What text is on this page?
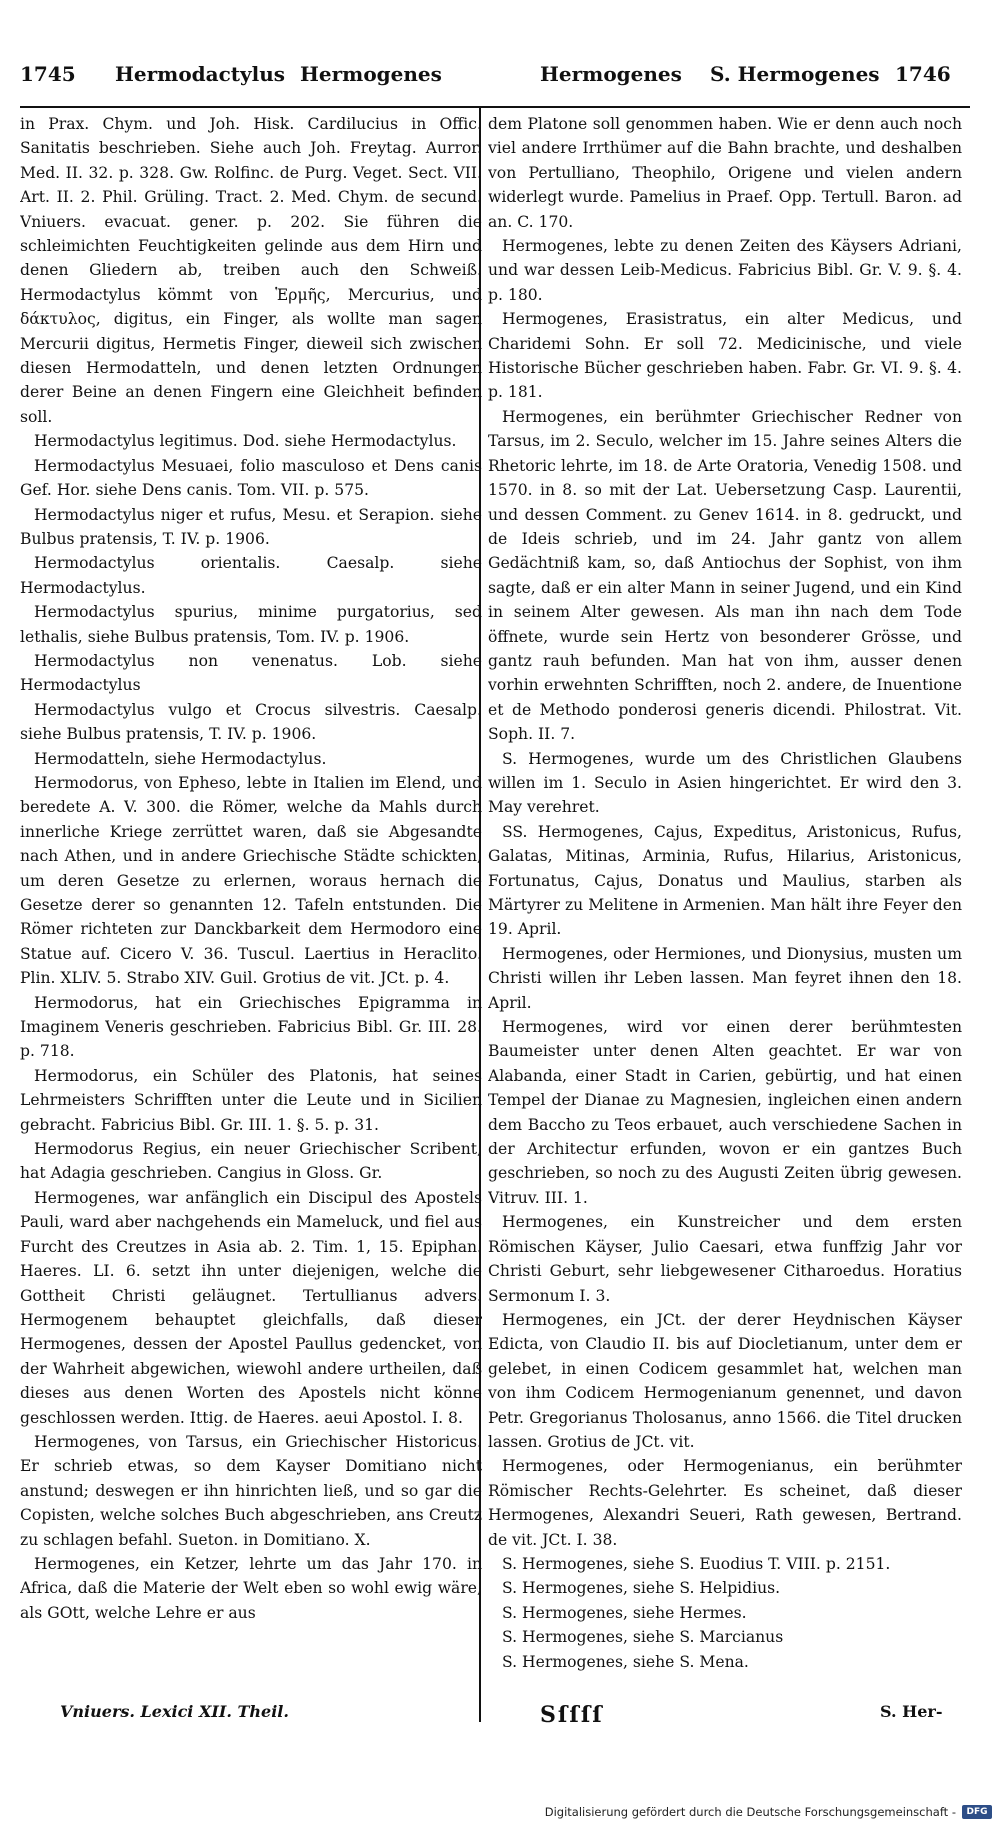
1745 Hermodactylus Hermogenes	Hermogenes S. Hermogenes 1746

in Prax. Chym. und Joh. Hisk. Cardilucius in Offic. Sanitatis beschrieben. Siehe auch Joh. Freytag. Aurror. Med. II. 32. p. 328. Gw. Rolfinc. de Purg. Veget. Sect. VII. Art. II. 2. Phil. Grüling. Tract. 2. Med. Chym. de secund. Vniuers. evacuat. gener. p. 202. Sie führen die schleimichten Feuchtigkeiten gelinde aus dem Hirn und denen Gliedern ab, treiben auch den Schweiß. Hermodactylus kömmt von Ἑρμῆς, Mercurius, und δάκτυλος, digitus, ein Finger, als wollte man sagen Mercurii digitus, Hermetis Finger, dieweil sich zwischen diesen Hermodatteln, und denen letzten Ordnungen derer Beine an denen Fingern eine Gleichheit befinden soll.

Hermodactylus legitimus. Dod. siehe Hermodactylus.

Hermodactylus Mesuaei, folio masculoso et Dens canis Gef. Hor. siehe Dens canis. Tom. VII. p. 575.

Hermodactylus niger et rufus, Mesu. et Serapion. siehe Bulbus pratensis, T. IV. p. 1906.

Hermodactylus orientalis. Caesalp. siehe Hermodactylus.

Hermodactylus spurius, minime purgatorius, sed lethalis, siehe Bulbus pratensis, Tom. IV. p. 1906.

Hermodactylus non venenatus. Lob. siehe Hermodactylus

Hermodactylus vulgo et Crocus silvestris. Caesalp. siehe Bulbus pratensis, T. IV. p. 1906.

Hermodatteln, siehe Hermodactylus.

Hermodorus, von Epheso, lebte in Italien im Elend, und beredete A. V. 300. die Römer, welche da Mahls durch innerliche Kriege zerrüttet waren, daß sie Abgesandte nach Athen, und in andere Griechische Städte schickten, um deren Gesetze zu erlernen, woraus hernach die Gesetze derer so genannten 12. Tafeln entstunden. Die Römer richteten zur Danckbarkeit dem Hermodoro eine Statue auf. Cicero V. 36. Tuscul. Laertius in Heraclito. Plin. XLIV. 5. Strabo XIV. Guil. Grotius de vit. JCt. p. 4.

Hermodorus, hat ein Griechisches Epigramma in Imaginem Veneris geschrieben. Fabricius Bibl. Gr. III. 28. p. 718.

Hermodorus, ein Schüler des Platonis, hat seines Lehrmeisters Schrifften unter die Leute und in Sicilien gebracht. Fabricius Bibl. Gr. III. 1. §. 5. p. 31.

Hermodorus Regius, ein neuer Griechischer Scribent, hat Adagia geschrieben. Cangius in Gloss. Gr.

Hermogenes, war anfänglich ein Discipul des Apostels Pauli, ward aber nachgehends ein Mameluck, und fiel aus Furcht des Creutzes in Asia ab. 2. Tim. 1, 15. Epiphan. Haeres. LI. 6. setzt ihn unter diejenigen, welche die Gottheit Christi geläugnet. Tertullianus advers. Hermogenem behauptet gleichfalls, daß dieser Hermogenes, dessen der Apostel Paullus gedencket, von der Wahrheit abgewichen, wiewohl andere urtheilen, daß dieses aus denen Worten des Apostels nicht könne geschlossen werden. Ittig. de Haeres. aeui Apostol. I. 8.

Hermogenes, von Tarsus, ein Griechischer Historicus. Er schrieb etwas, so dem Kayser Domitiano nicht anstund; deswegen er ihn hinrichten ließ, und so gar die Copisten, welche solches Buch abgeschrieben, ans Creutz zu schlagen befahl. Sueton. in Domitiano. X.

Hermogenes, ein Ketzer, lehrte um das Jahr 170. in Africa, daß die Materie der Welt eben so wohl ewig wäre, als GOtt, welche Lehre er aus

dem Platone soll genommen haben. Wie er denn auch noch viel andere Irrthümer auf die Bahn brachte, und deshalben von Pertulliano, Theophilo, Origene und vielen andern widerlegt wurde. Pamelius in Praef. Opp. Tertull. Baron. ad an. C. 170.

Hermogenes, lebte zu denen Zeiten des Käysers Adriani, und war dessen Leib-Medicus. Fabricius Bibl. Gr. V. 9. §. 4. p. 180.

Hermogenes, Erasistratus, ein alter Medicus, und Charidemi Sohn. Er soll 72. Medicinische, und viele Historische Bücher geschrieben haben. Fabr. Gr. VI. 9. §. 4. p. 181.

Hermogenes, ein berühmter Griechischer Redner von Tarsus, im 2. Seculo, welcher im 15. Jahre seines Alters die Rhetoric lehrte, im 18. de Arte Oratoria, Venedig 1508. und 1570. in 8. so mit der Lat. Uebersetzung Casp. Laurentii, und dessen Comment. zu Genev 1614. in 8. gedruckt, und de Ideis schrieb, und im 24. Jahr gantz von allem Gedächtniß kam, so, daß Antiochus der Sophist, von ihm sagte, daß er ein alter Mann in seiner Jugend, und ein Kind in seinem Alter gewesen. Als man ihn nach dem Tode öffnete, wurde sein Hertz von besonderer Grösse, und gantz rauh befunden. Man hat von ihm, ausser denen vorhin erwehnten Schrifften, noch 2. andere, de Inuentione et de Methodo ponderosi generis dicendi. Philostrat. Vit. Soph. II. 7.

S. Hermogenes, wurde um des Christlichen Glaubens willen im 1. Seculo in Asien hingerichtet. Er wird den 3. May verehret.

SS. Hermogenes, Cajus, Expeditus, Aristonicus, Rufus, Galatas, Mitinas, Arminia, Rufus, Hilarius, Aristonicus, Fortunatus, Cajus, Donatus und Maulius, starben als Märtyrer zu Melitene in Armenien. Man hält ihre Feyer den 19. April.

Hermogenes, oder Hermiones, und Dionysius, musten um Christi willen ihr Leben lassen. Man feyret ihnen den 18. April.

Hermogenes, wird vor einen derer berühmtesten Baumeister unter denen Alten geachtet. Er war von Alabanda, einer Stadt in Carien, gebürtig, und hat einen Tempel der Dianae zu Magnesien, ingleichen einen andern dem Baccho zu Teos erbauet, auch verschiedene Sachen in der Architectur erfunden, wovon er ein gantzes Buch geschrieben, so noch zu des Augusti Zeiten übrig gewesen. Vitruv. III. 1.

Hermogenes, ein Kunstreicher und dem ersten Römischen Käyser, Julio Caesari, etwa funffzig Jahr vor Christi Geburt, sehr liebgewesener Citharoedus. Horatius Sermonum I. 3.

Hermogenes, ein JCt. der derer Heydnischen Käyser Edicta, von Claudio II. bis auf Diocletianum, unter dem er gelebet, in einen Codicem gesammlet hat, welchen man von ihm Codicem Hermogenianum genennet, und davon Petr. Gregorianus Tholosanus, anno 1566. die Titel drucken lassen. Grotius de JCt. vit.

Hermogenes, oder Hermogenianus, ein berühmter Römischer Rechts-Gelehrter. Es scheinet, daß dieser Hermogenes, Alexandri Seueri, Rath gewesen, Bertrand. de vit. JCt. I. 38.

S. Hermogenes, siehe S. Euodius T. VIII. p. 2151.

S. Hermogenes, siehe S. Helpidius.

S. Hermogenes, siehe Hermes.

S. Hermogenes, siehe S. Marcianus

S. Hermogenes, siehe S. Mena.

Vniuers. Lexici XII. Theil.	Sſſſſ	S. Her-
Digitalisierung gefördert durch die Deutsche Forschungsgemeinschaft -	DFG
